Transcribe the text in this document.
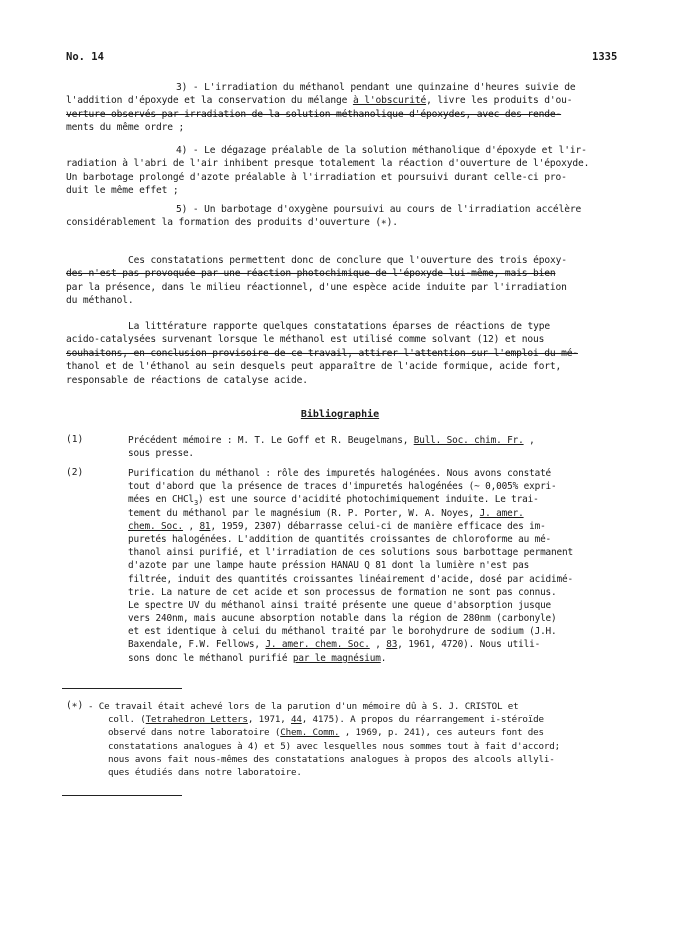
No. 14	1335
3) - L'irradiation du méthanol pendant une quinzaine d'heures suivie de
l'addition d'époxyde et la conservation du mélange à l'obscurité, livre les produits d'ou-
verture observés par irradiation de la solution méthanolique d'époxydes, avec des rende-
ments du même ordre ;
4) - Le dégazage préalable de la solution méthanolique d'époxyde et l'ir-
radiation à l'abri de l'air inhibent presque totalement la réaction d'ouverture de l'époxyde.
Un barbotage prolongé d'azote préalable à l'irradiation et poursuivi durant celle-ci pro-
duit le même effet ;
5) - Un barbotage d'oxygène poursuivi au cours de l'irradiation accélère
considérablement la formation des produits d'ouverture (∗).
Ces constatations permettent donc de conclure que l'ouverture des trois époxy-
des n'est pas provoquée par une réaction photochimique de l'époxyde lui-même, mais bien
par la présence, dans le milieu réactionnel, d'une espèce acide induite par l'irradiation
du méthanol.
La littérature rapporte quelques constatations éparses de réactions de type
acido-catalysées survenant lorsque le méthanol est utilisé comme solvant (12) et nous
souhaitons, en conclusion provisoire de ce travail, attirer l'attention sur l'emploi du mé-
thanol et de l'éthanol au sein desquels peut apparaître de l'acide formique, acide fort,
responsable de réactions de catalyse acide.
Bibliographie
(1)	Précédent mémoire : M. T. Le Goff et R. Beugelmans, Bull. Soc. chim. Fr. ,
sous presse.
(2)	Purification du méthanol : rôle des impuretés halogénées. Nous avons constaté
tout d'abord que la présence de traces d'impuretés halogénées (~ 0,005% expri-
mées en CHCl$_3$) est une source d'acidité photochimiquement induite. Le trai-
tement du méthanol par le magnésium (R. P. Porter, W. A. Noyes, J. amer.
chem. Soc. , 81, 1959, 2307) débarrasse celui-ci de manière efficace des im-
puretés halogénées. L'addition de quantités croissantes de chloroforme au mé-
thanol ainsi purifié, et l'irradiation de ces solutions sous barbottage permanent
d'azote par une lampe haute préssion HANAU Q 81 dont la lumière n'est pas
filtrée, induit des quantités croissantes linéairement d'acide, dosé par acidimé-
trie. La nature de cet acide et son processus de formation ne sont pas connus.
Le spectre UV du méthanol ainsi traité présente une queue d'absorption jusque
vers 240nm, mais aucune absorption notable dans la région de 280nm (carbonyle)
et est identique à celui du méthanol traité par le borohydrure de sodium (J.H.
Baxendale, F.W. Fellows, J. amer. chem. Soc. , 83, 1961, 4720). Nous utili-
sons donc le méthanol purifié par le magnésium.
(∗) - Ce travail était achevé lors de la parution d'un mémoire dû à S. J. CRISTOL et
coll. (Tetrahedron Letters, 1971, 44, 4175). A propos du réarrangement i-stéroïde
observé dans notre laboratoire (Chem. Comm. , 1969, p. 241), ces auteurs font des
constatations analogues à 4) et 5) avec lesquelles nous sommes tout à fait d'accord;
nous avons fait nous-mêmes des constatations analogues à propos des alcools allyli-
ques étudiés dans notre laboratoire.
